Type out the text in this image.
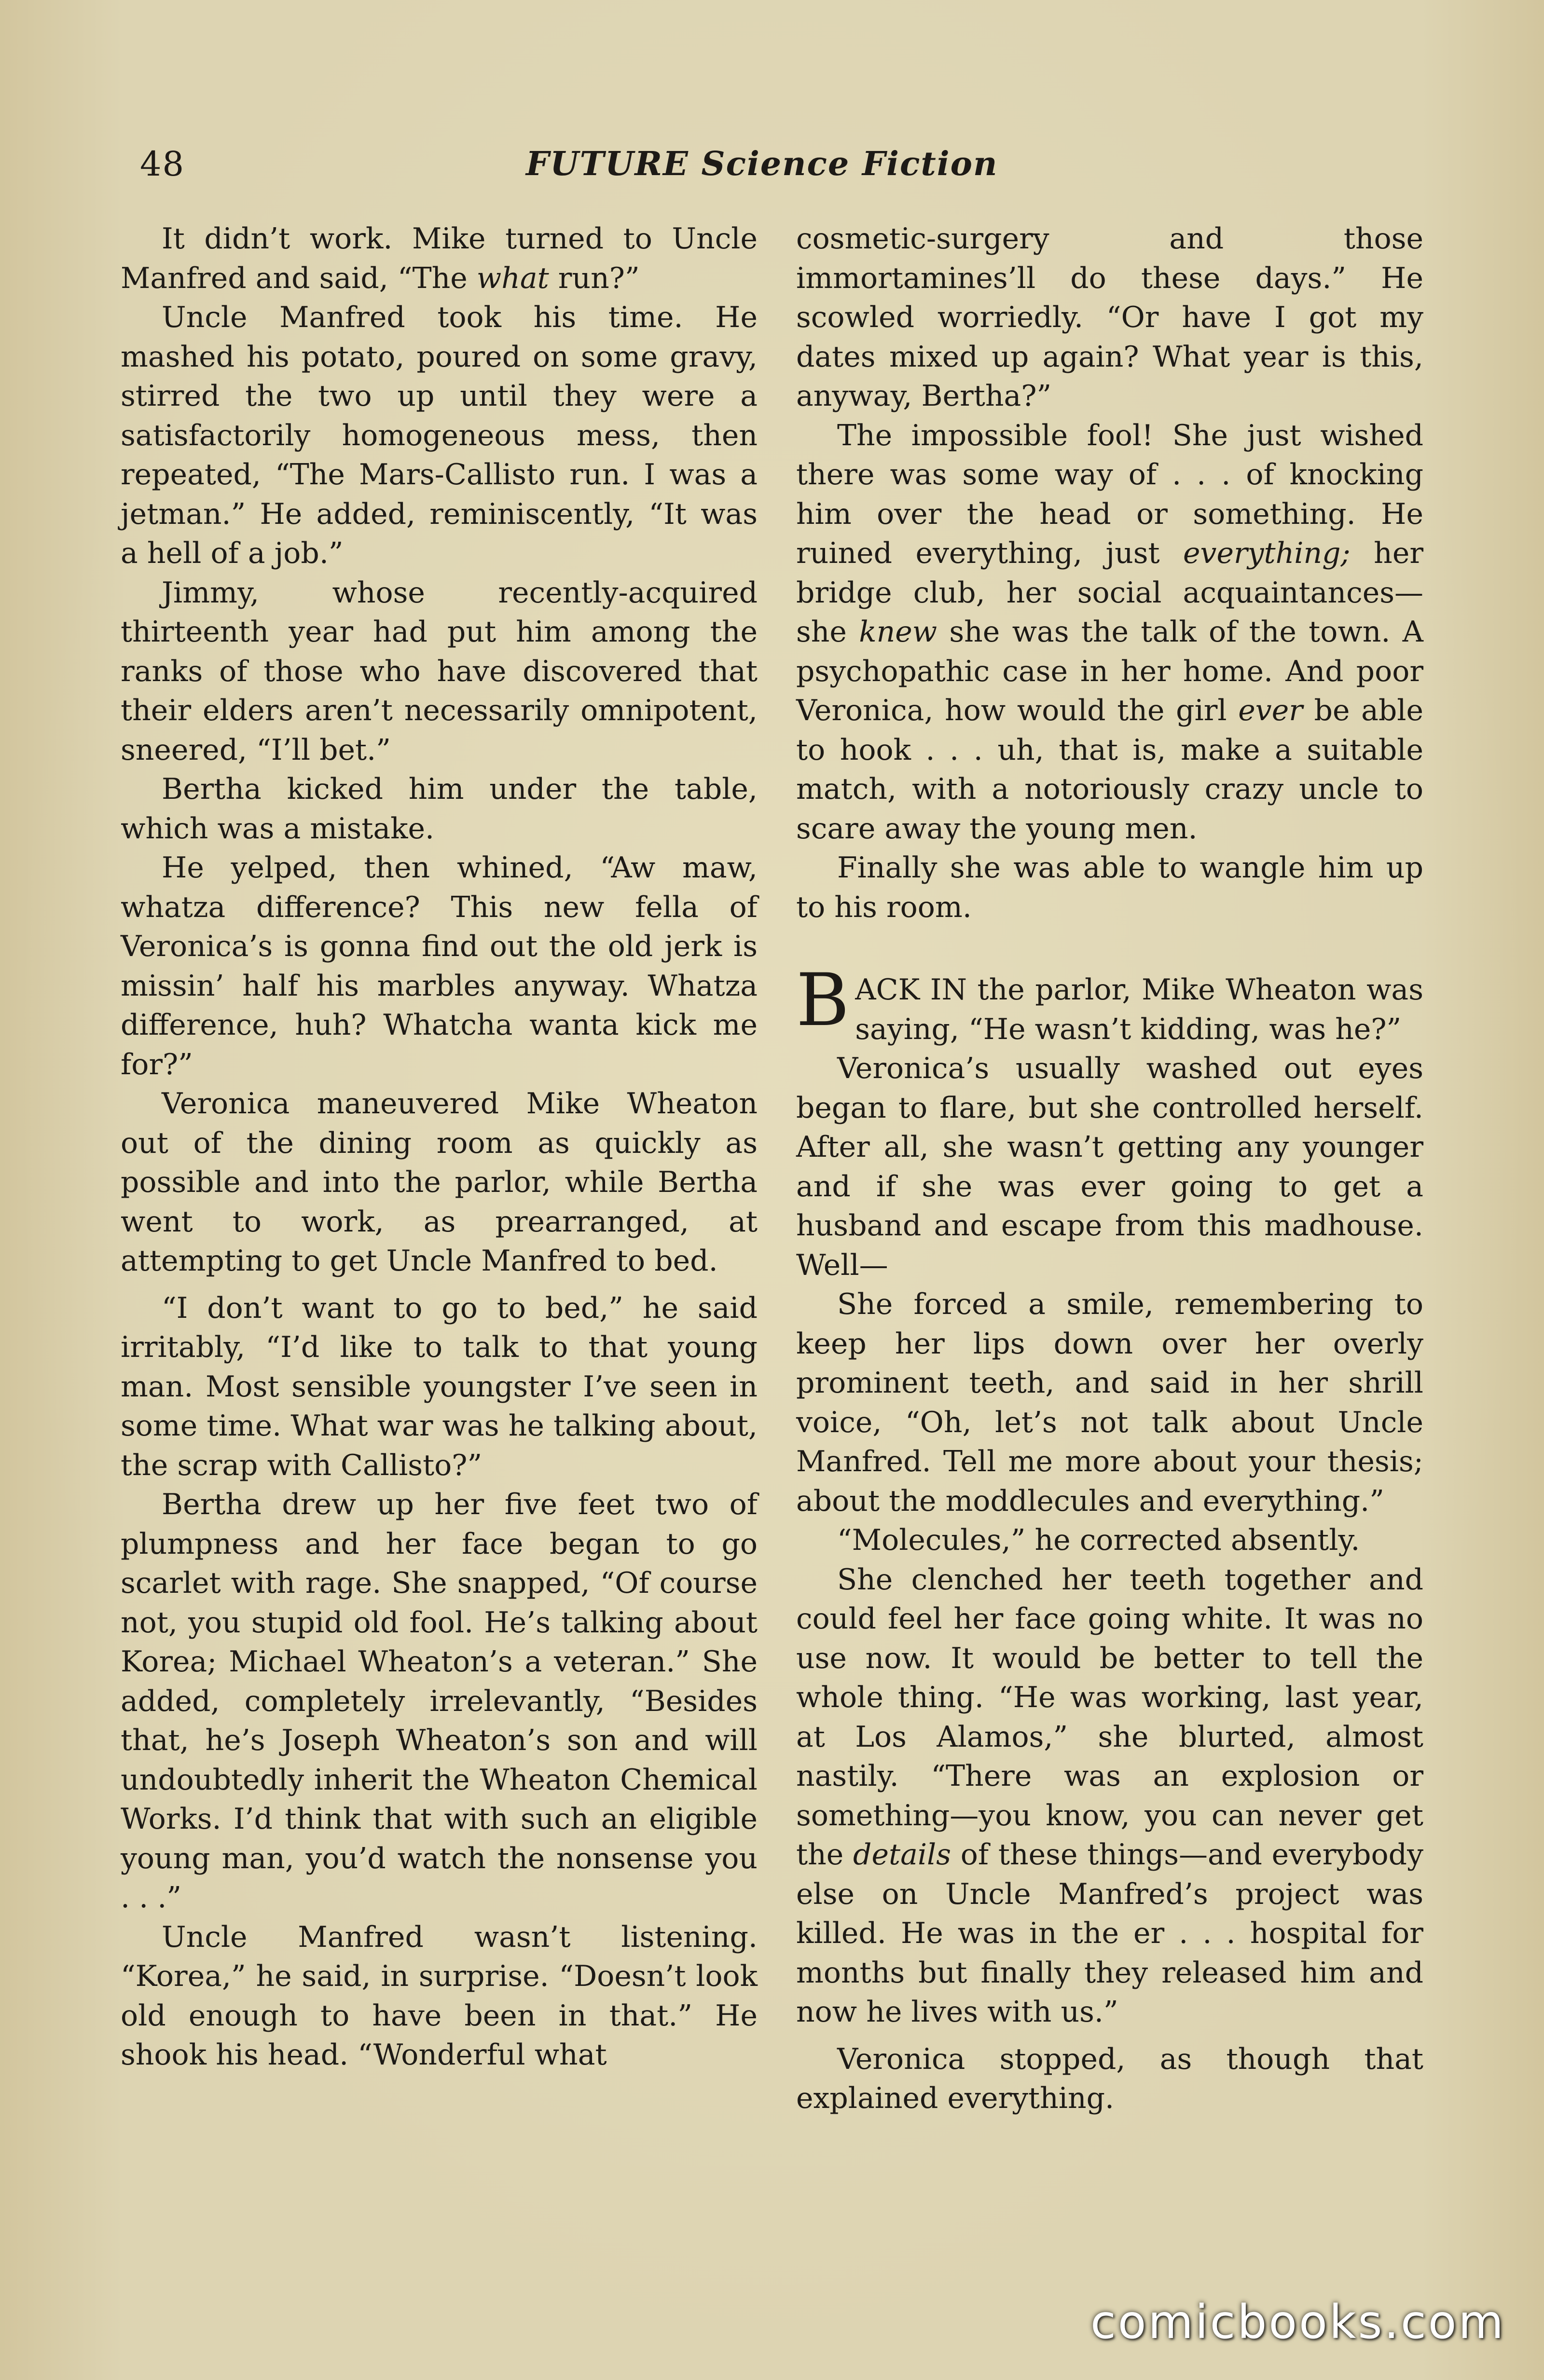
48	FUTURE Science Fiction

It didn’t work. Mike turned to Uncle Manfred and said, “The what run?”

Uncle Manfred took his time. He mashed his potato, poured on some gravy, stirred the two up until they were a satisfactorily homogeneous mess, then repeated, “The Mars-Callisto run. I was a jetman.” He added, reminiscently, “It was a hell of a job.”

Jimmy, whose recently-acquired thirteenth year had put him among the ranks of those who have discovered that their elders aren’t necessarily omnipotent, sneered, “I’ll bet.”

Bertha kicked him under the table, which was a mistake.

He yelped, then whined, “Aw maw, whatza difference? This new fella of Veronica’s is gonna find out the old jerk is missin’ half his marbles anyway. Whatza difference, huh? Whatcha wanta kick me for?”

Veronica maneuvered Mike Wheaton out of the dining room as quickly as possible and into the parlor, while Bertha went to work, as prearranged, at attempting to get Uncle Manfred to bed.

“I don’t want to go to bed,” he said irritably, “I’d like to talk to that young man. Most sensible youngster I’ve seen in some time. What war was he talking about, the scrap with Callisto?”

Bertha drew up her five feet two of plumpness and her face began to go scarlet with rage. She snapped, “Of course not, you stupid old fool. He’s talking about Korea; Michael Wheaton’s a veteran.” She added, completely irrelevantly, “Besides that, he’s Joseph Wheaton’s son and will undoubtedly inherit the Wheaton Chemical Works. I’d think that with such an eligible young man, you’d watch the nonsense you . . .”

Uncle Manfred wasn’t listening. “Korea,” he said, in surprise. “Doesn’t look old enough to have been in that.” He shook his head. “Wonderful what

cosmetic-surgery and those immortamines’ll do these days.” He scowled worriedly. “Or have I got my dates mixed up again? What year is this, anyway, Bertha?”

The impossible fool! She just wished there was some way of . . . of knocking him over the head or something. He ruined everything, just everything; her bridge club, her social acquaintances—she knew she was the talk of the town. A psychopathic case in her home. And poor Veronica, how would the girl ever be able to hook . . . uh, that is, make a suitable match, with a notoriously crazy uncle to scare away the young men.

Finally she was able to wangle him up to his room.

BACK IN the parlor, Mike Wheaton was saying, “He wasn’t kidding, was he?”

Veronica’s usually washed out eyes began to flare, but she controlled herself. After all, she wasn’t getting any younger and if she was ever going to get a husband and escape from this madhouse. Well—

She forced a smile, remembering to keep her lips down over her overly prominent teeth, and said in her shrill voice, “Oh, let’s not talk about Uncle Manfred. Tell me more about your thesis; about the moddlecules and everything.”

“Molecules,” he corrected absently.

She clenched her teeth together and could feel her face going white. It was no use now. It would be better to tell the whole thing. “He was working, last year, at Los Alamos,” she blurted, almost nastily. “There was an explosion or something—you know, you can never get the details of these things—and everybody else on Uncle Manfred’s project was killed. He was in the er . . . hospital for months but finally they released him and now he lives with us.”

Veronica stopped, as though that explained everything.

comicbooks.com
